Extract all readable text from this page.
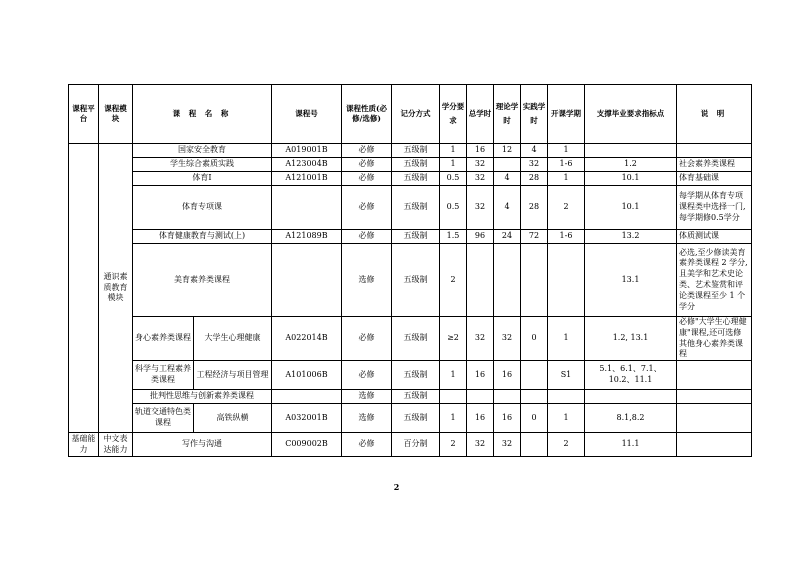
课程平台	课程模块	课 程 名 称		课程号	课程性质(必修/选修)	记分方式	学分要求	总学时	理论学时	实践学时	开课学期	支撑毕业要求指标点	说 明
	通识素质教育模块	国家安全教育		A019001B	必修	五级制	1	16	12	4	1		
		学生综合素质实践		A123004B	必修	五级制	1	32		32	1-6	1.2	社会素养类课程
		体育I		A121001B	必修	五级制	0.5	32	4	28	1	10.1	体育基础课
		体育专项课			必修	五级制	0.5	32	4	28	2	10.1	每学期从体育专项课程类中选择一门,每学期修0.5学分
		体育健康教育与测试(上)		A121089B	必修	五级制	1.5	96	24	72	1-6	13.2	体质测试课
		美育素养类课程			选修	五级制	2					13.1	必选,至少修读美育素养类课程 2 学分,且美学和艺术史论类、艺术鉴赏和评论类课程至少 1 个学分
		身心素养类课程	大学生心理健康	A022014B	必修	五级制	≥2	32	32	0	1	1.2, 13.1	必修"大学生心理健康"课程,还可选修其他身心素养类课程
		科学与工程素养类课程	工程经济与项目管理	A101006B	必修	五级制	1	16	16		S1	5.1、6.1、7.1、10.2、11.1	
		批判性思维与创新素养类课程			选修	五级制							
		轨道交通特色类课程	高铁纵横	A032001B	选修	五级制	1	16	16	0	1	8.1,8.2	
基础能力	中文表达能力	写作与沟通		C009002B	必修	百分制	2	32	32		2	11.1	
2
